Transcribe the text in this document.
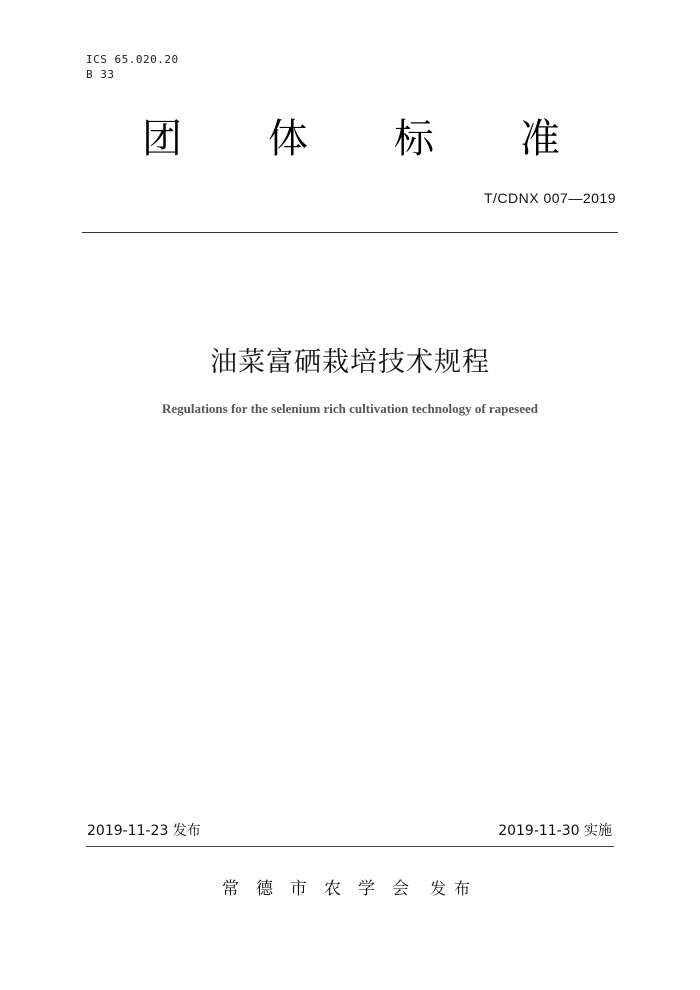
ICS 65.020.20
B 33
团 体 标 准
T/CDNX 007—2019
油菜富硒栽培技术规程
Regulations for the selenium rich cultivation technology of rapeseed
2019-11-23 发布	2019-11-30 实施
常德市农学会 发布
